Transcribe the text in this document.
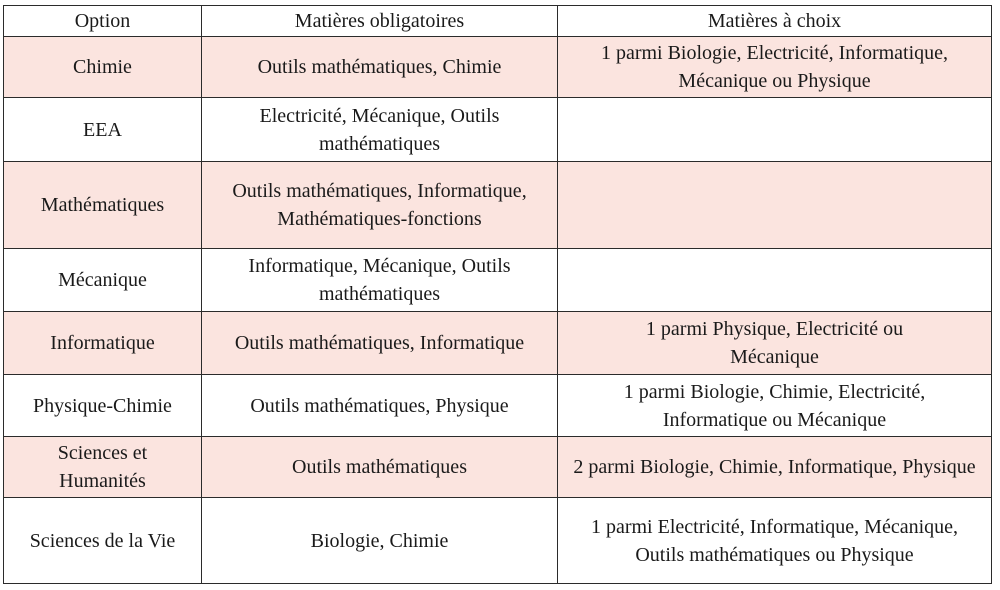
Option	Matières obligatoires	Matières à choix
Chimie	Outils mathématiques, Chimie	1 parmi Biologie, Electricité, Informatique, Mécanique ou Physique
EEA	Electricité, Mécanique, Outils mathématiques	
Mathématiques	Outils mathématiques, Informatique, Mathématiques-fonctions	
Mécanique	Informatique, Mécanique, Outils mathématiques	
Informatique	Outils mathématiques, Informatique	1 parmi Physique, Electricité ou Mécanique
Physique-Chimie	Outils mathématiques, Physique	1 parmi Biologie, Chimie, Electricité, Informatique ou Mécanique
Sciences et Humanités	Outils mathématiques	2 parmi Biologie, Chimie, Informatique, Physique
Sciences de la Vie	Biologie, Chimie	1 parmi Electricité, Informatique, Mécanique, Outils mathématiques ou Physique
